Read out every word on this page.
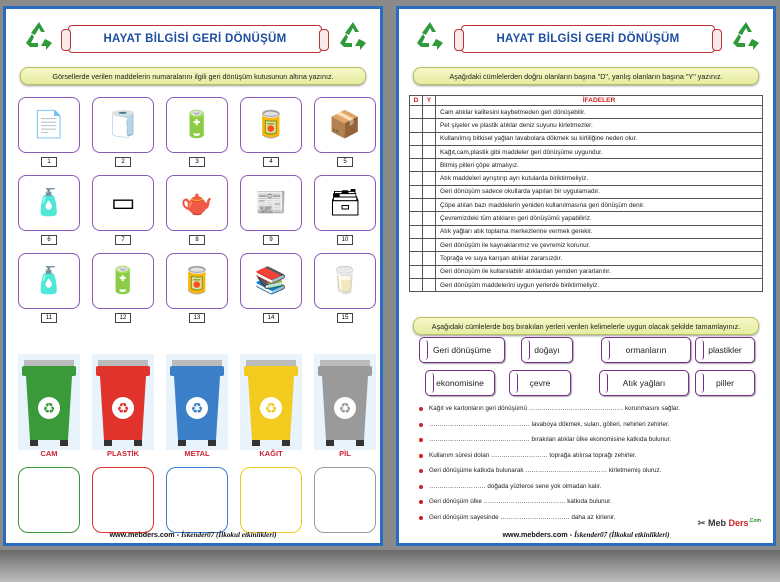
HAYAT BİLGİSİ GERİ DÖNÜŞÜM
Görsellerde verilen maddelerin numaralarını ilgili geri dönüşüm kutusunun altına yazınız.
📄
1
🧻
2
🔋
3
🥫
4
📦
5
🧴
6
▭
7
🫖
8
📰
9
🗃
10
🧴
11
🔋
12
🥫
13
📚
14
🥛
15
♻
CAM
♻
PLASTİK
♻
METAL
♻
KAĞIT
♻
PİL
www.mebders.com - İskender07 (İlkokul etkinlikleri)
HAYAT BİLGİSİ GERİ DÖNÜŞÜM
Aşağıdaki cümlelerden doğru olanların başına "D", yanlış olanların başına "Y" yazınız.
D	Y	İFADELER
		Cam atıklar kalitesini kaybetmeden geri dönüşebilir.
		Pet şişeler ve plastik atıklar deniz suyunu kirletmezler.
		Kullanılmış bitkisel yağları lavabolara dökmek su kirliliğine neden olur.
		Kağıt,cam,plastik gibi maddeler geri dönüşüme uygundur.
		Bitmiş pilleri çöpe atmalıyız.
		Atık maddeleri ayrıştırıp ayrı kutularda biriktirmeliyiz.
		Geri dönüşüm sadece okullarda yapılan bir uygulamadır.
		Çöpe atılan bazı maddelerin yeniden kullanılmasına geri dönüşüm denir.
		Çevremizdeki tüm atıkların geri dönüşümü yapabiliriz.
		Atık yağları atık toplama merkezlerine vermek gerekir.
		Geri dönüşüm ile kaynaklarımız ve çevremiz korunur.
		Toprağa ve suya karışan atıklar zararsızdır.
		Geri dönüşüm ile kullanılabilir atıklardan yeniden yararlanılır.
		Geri dönüşüm maddelerini uygun yerlerde biriktirmeliyiz.
Aşağıdaki cümlelerde boş bırakılan yerleri verilen kelimelerle uygun olacak şekilde tamamlayınız.
Geri dönüşüme	doğayı	ormanların	plastikler
ekonomisine	çevre	Atık yağları	piller
Kağıt ve kartonların geri dönüşümü ……………………………………… korunmasını sağlar.
………………………………………… lavaboya dökmek, suları, gölleri, nehirleri zehirler.
………………………………………… bırakılan atıklar ülke ekonomisine katkıda bulunur.
Kullanım süresi dolan ……………………… toprağa atılırsa toprağı zehirler.
Geri dönüşüme katkıda bulunarak ………………………………… kirletmemiş oluruz.
……………………… doğada yüzlerce sene yok olmadan kalır.
Geri dönüşüm ülke ………………………………… katkıda bulunur.
Geri dönüşüm sayesinde …………………………… daha az kirlenir.
✂ Meb Ders$^{.Com}$
www.mebders.com - İskender07 (İlkokul etkinlikleri)
